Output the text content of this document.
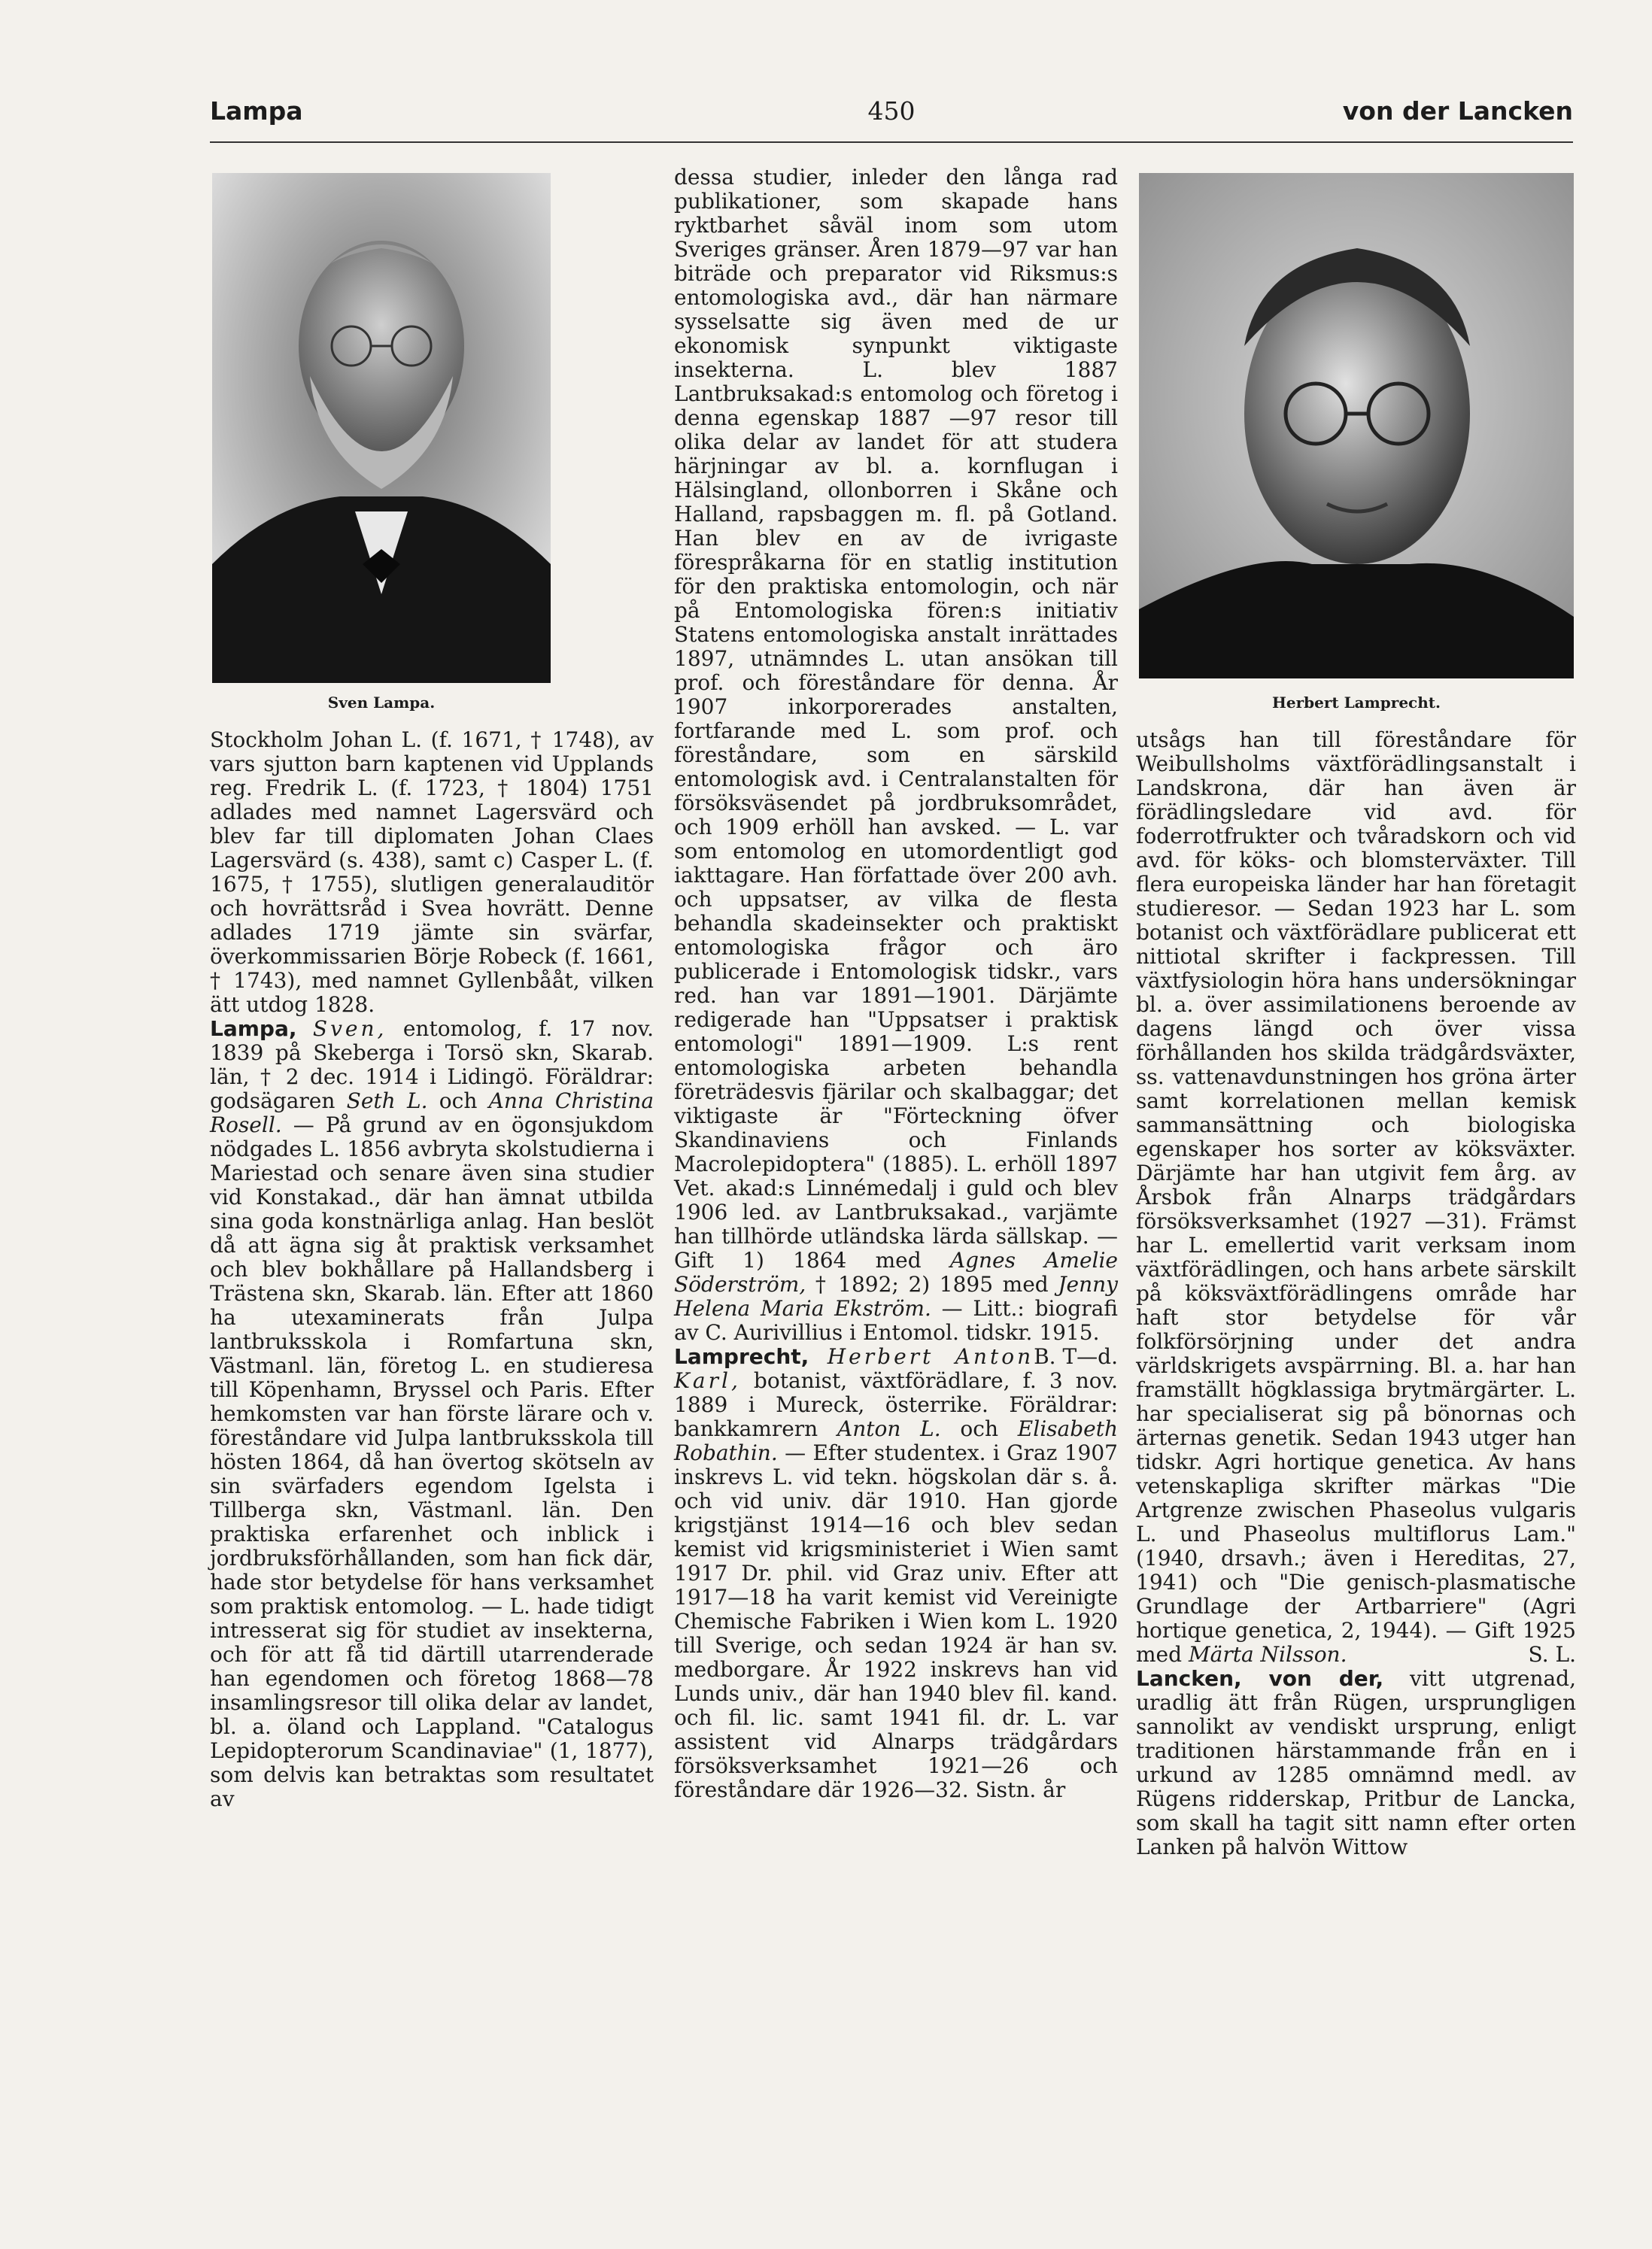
Lampa	450	von der Lancken
Sven Lampa.	Herbert Lamprecht.

Stockholm Johan L. (f. 1671, † 1748), av vars sjutton barn kaptenen vid Upplands reg. Fredrik L. (f. 1723, † 1804) 1751 adlades med namnet Lagersvärd och blev far till diplomaten Johan Claes Lagersvärd (s. 438), samt c) Casper L. (f. 1675, † 1755), slutligen generalauditör och hovrättsråd i Svea hovrätt. Denne adlades 1719 jämte sin svärfar, överkommissarien Börje Robeck (f. 1661, † 1743), med namnet Gyllenbååt, vilken ätt utdog 1828.

Lampa, Sven, entomolog, f. 17 nov. 1839 på Skeberga i Torsö skn, Skarab. län, † 2 dec. 1914 i Lidingö. Föräldrar: godsägaren Seth L. och Anna Christina Rosell. — På grund av en ögonsjukdom nödgades L. 1856 avbryta skolstudierna i Mariestad och senare även sina studier vid Konstakad., där han ämnat utbilda sina goda konstnärliga anlag. Han beslöt då att ägna sig åt praktisk verksamhet och blev bokhållare på Hallandsberg i Trästena skn, Skarab. län. Efter att 1860 ha utexaminerats från Julpa lantbruksskola i Romfartuna skn, Västmanl. län, företog L. en studieresa till Köpenhamn, Bryssel och Paris. Efter hemkomsten var han förste lärare och v. föreståndare vid Julpa lantbruksskola till hösten 1864, då han övertog skötseln av sin svärfaders egendom Igelsta i Tillberga skn, Västmanl. län. Den praktiska erfarenhet och inblick i jordbruksförhållanden, som han fick där, hade stor betydelse för hans verksamhet som praktisk entomolog. — L. hade tidigt intresserat sig för studiet av insekterna, och för att få tid därtill utarrenderade han egendomen och företog 1868—78 insamlingsresor till olika delar av landet, bl. a. öland och Lappland. "Catalogus Lepidopterorum Scandinaviae" (1, 1877), som delvis kan betraktas som resultatet av

dessa studier, inleder den långa rad publikationer, som skapade hans ryktbarhet såväl inom som utom Sveriges gränser. Åren 1879—97 var han biträde och preparator vid Riksmus:s entomologiska avd., där han närmare sysselsatte sig även med de ur ekonomisk synpunkt viktigaste insekterna. L. blev 1887 Lantbruksakad:s entomolog och företog i denna egenskap 1887 —97 resor till olika delar av landet för att studera härjningar av bl. a. kornflugan i Hälsingland, ollonborren i Skåne och Halland, rapsbaggen m. fl. på Gotland. Han blev en av de ivrigaste förespråkarna för en statlig institution för den praktiska entomologin, och när på Entomologiska fören:s initiativ Statens entomologiska anstalt inrättades 1897, utnämndes L. utan ansökan till prof. och föreståndare för denna. År 1907 inkorporerades anstalten, fortfarande med L. som prof. och föreståndare, som en särskild entomologisk avd. i Centralanstalten för försöksväsendet på jordbruksområdet, och 1909 erhöll han avsked. — L. var som entomolog en utomordentligt god iakttagare. Han författade över 200 avh. och uppsatser, av vilka de flesta behandla skadeinsekter och praktiskt entomologiska frågor och äro publicerade i Entomologisk tidskr., vars red. han var 1891—1901. Därjämte redigerade han "Uppsatser i praktisk entomologi" 1891—1909. L:s rent entomologiska arbeten behandla företrädesvis fjärilar och skalbaggar; det viktigaste är "Förteckning öfver Skandinaviens och Finlands Macrolepidoptera" (1885). L. erhöll 1897 Vet. akad:s Linnémedalj i guld och blev 1906 led. av Lantbruksakad., varjämte han tillhörde utländska lärda sällskap. — Gift 1) 1864 med Agnes Amelie Söderström, † 1892; 2) 1895 med Jenny Helena Maria Ekström. — Litt.: biografi av C. Aurivillius i Entomol. tidskr. 1915.
B. T—d.

Lamprecht, Herbert Anton Karl, botanist, växtförädlare, f. 3 nov. 1889 i Mureck, österrike. Föräldrar: bankkamrern Anton L. och Elisabeth Robathin. — Efter studentex. i Graz 1907 inskrevs L. vid tekn. högskolan där s. å. och vid univ. där 1910. Han gjorde krigstjänst 1914—16 och blev sedan kemist vid krigsministeriet i Wien samt 1917 Dr. phil. vid Graz univ. Efter att 1917—18 ha varit kemist vid Vereinigte Chemische Fabriken i Wien kom L. 1920 till Sverige, och sedan 1924 är han sv. medborgare. År 1922 inskrevs han vid Lunds univ., där han 1940 blev fil. kand. och fil. lic. samt 1941 fil. dr. L. var assistent vid Alnarps trädgårdars försöksverksamhet 1921—26 och föreståndare där 1926—32. Sistn. år

utsågs han till föreståndare för Weibullsholms växtförädlingsanstalt i Landskrona, där han även är förädlingsledare vid avd. för foderrotfrukter och tvåradskorn och vid avd. för köks- och blomsterväxter. Till flera europeiska länder har han företagit studieresor. — Sedan 1923 har L. som botanist och växtförädlare publicerat ett nittiotal skrifter i fackpressen. Till växtfysiologin höra hans undersökningar bl. a. över assimilationens beroende av dagens längd och över vissa förhållanden hos skilda trädgårdsväxter, ss. vattenavdunstningen hos gröna ärter samt korrelationen mellan kemisk sammansättning och biologiska egenskaper hos sorter av köksväxter. Därjämte har han utgivit fem årg. av Årsbok från Alnarps trädgårdars försöksverksamhet (1927 —31). Främst har L. emellertid varit verksam inom växtförädlingen, och hans arbete särskilt på köksväxtförädlingens område har haft stor betydelse för vår folkförsörjning under det andra världskrigets avspärrning. Bl. a. har han framställt högklassiga brytmärgärter. L. har specialiserat sig på bönornas och ärternas genetik. Sedan 1943 utger han tidskr. Agri hortique genetica. Av hans vetenskapliga skrifter märkas "Die Artgrenze zwischen Phaseolus vulgaris L. und Phaseolus multiflorus Lam." (1940, drsavh.; även i Hereditas, 27, 1941) och "Die genisch-plasmatische Grundlage der Artbarriere" (Agri hortique genetica, 2, 1944). — Gift 1925 med Märta Nilsson.	S. L.

Lancken, von der, vitt utgrenad, uradlig ätt från Rügen, ursprungligen sannolikt av vendiskt ursprung, enligt traditionen härstammande från en i urkund av 1285 omnämnd medl. av Rügens ridderskap, Pritbur de Lancka, som skall ha tagit sitt namn efter orten Lanken på halvön Wittow
